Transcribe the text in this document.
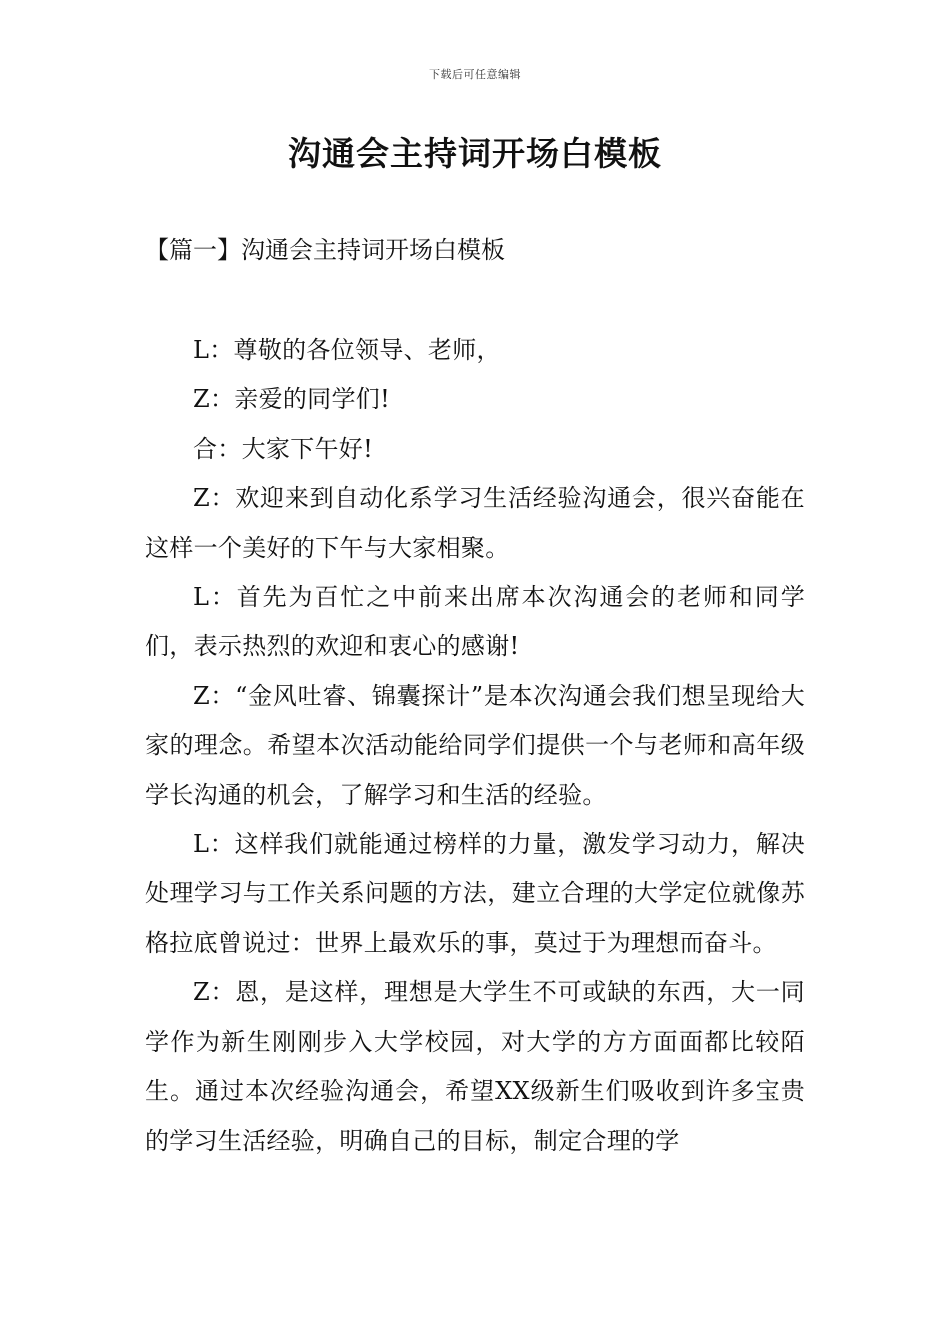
下载后可任意编辑
沟通会主持词开场白模板
【篇一】沟通会主持词开场白模板

L：尊敬的各位领导、老师，

Z：亲爱的同学们!

合：大家下午好!

Z：欢迎来到自动化系学习生活经验沟通会，很兴奋能在这样一个美好的下午与大家相聚。

L：首先为百忙之中前来出席本次沟通会的老师和同学们，表示热烈的欢迎和衷心的感谢!

Z：“金风吐睿、锦囊探计”是本次沟通会我们想呈现给大家的理念。希望本次活动能给同学们提供一个与老师和高年级学长沟通的机会，了解学习和生活的经验。

L：这样我们就能通过榜样的力量，激发学习动力，解决处理学习与工作关系问题的方法，建立合理的大学定位就像苏格拉底曾说过：世界上最欢乐的事，莫过于为理想而奋斗。

Z：恩，是这样，理想是大学生不可或缺的东西，大一同学作为新生刚刚步入大学校园，对大学的方方面面都比较陌生。通过本次经验沟通会，希望XX级新生们吸收到许多宝贵的学习生活经验，明确自己的目标，制定合理的学
